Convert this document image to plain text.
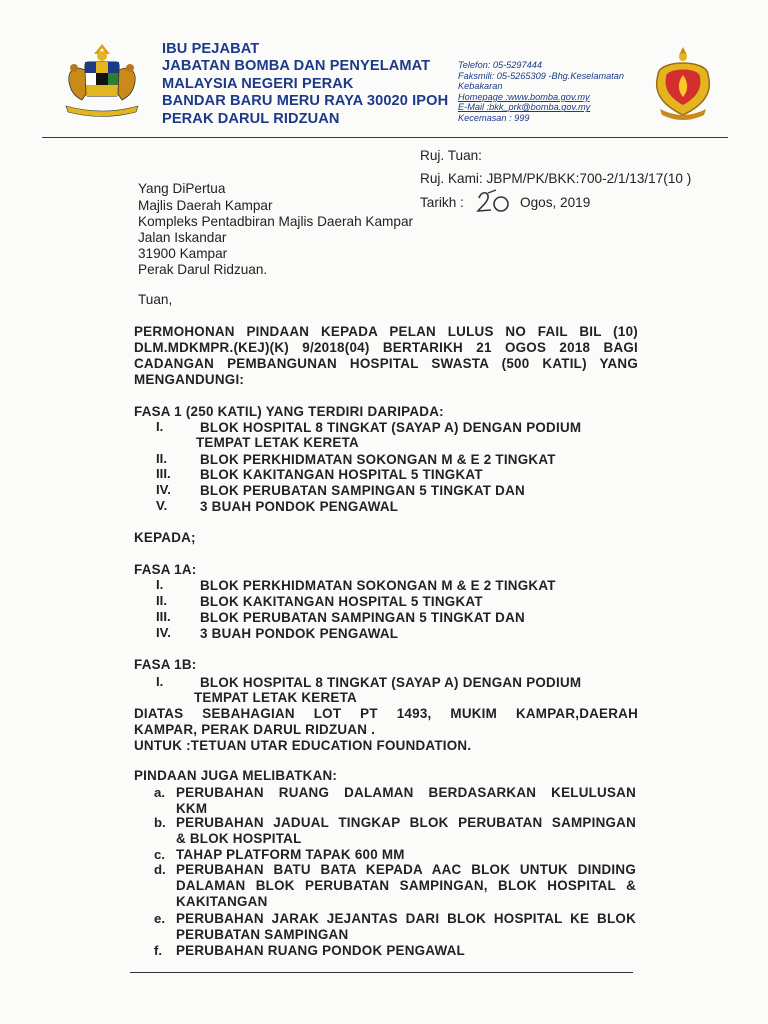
IBU PEJABAT
JABATAN BOMBA DAN PENYELAMAT
MALAYSIA NEGERI PERAK
BANDAR BARU MERU RAYA 30020 IPOH
PERAK DARUL RIDZUAN
Telefon: 05-5297444
Faksmili: 05-5265309 -Bhg.Keselamatan
Kebakaran
Homepage :www.bomba.gov.my
E-Mail :bkk_prk@bomba.gov.my
Kecemasan : 999
Ruj. Tuan:
Ruj. Kami: JBPM/PK/BKK:700-2/1/13/17(10 )
Tarikh :	Ogos, 2019
Yang DiPertua
Majlis Daerah Kampar
Kompleks Pentadbiran Majlis Daerah Kampar
Jalan Iskandar
31900 Kampar
Perak Darul Ridzuan.
Tuan,
PERMOHONAN PINDAAN KEPADA PELAN LULUS NO FAIL BIL (10)
DLM.MDKMPR.(KEJ)(K) 9/2018(04) BERTARIKH 21 OGOS 2018 BAGI
CADANGAN PEMBANGUNAN HOSPITAL SWASTA (500 KATIL) YANG
MENGANDUNGI:
FASA 1 (250 KATIL) YANG TERDIRI DARIPADA:
I.	BLOK HOSPITAL 8 TINGKAT (SAYAP A) DENGAN PODIUM
TEMPAT LETAK KERETA
II. BLOK PERKHIDMATAN SOKONGAN M & E 2 TINGKAT
III. BLOK KAKITANGAN HOSPITAL 5 TINGKAT
IV. BLOK PERUBATAN SAMPINGAN 5 TINGKAT DAN
V. 3 BUAH PONDOK PENGAWAL
KEPADA;
FASA 1A:
I.	BLOK PERKHIDMATAN SOKONGAN M & E 2 TINGKAT
II. BLOK KAKITANGAN HOSPITAL 5 TINGKAT
III. BLOK PERUBATAN SAMPINGAN 5 TINGKAT DAN
IV. 3 BUAH PONDOK PENGAWAL
FASA 1B:
I.	BLOK HOSPITAL 8 TINGKAT (SAYAP A) DENGAN PODIUM
TEMPAT LETAK KERETA
DIATAS SEBAHAGIAN LOT PT 1493, MUKIM KAMPAR,DAERAH
KAMPAR, PERAK DARUL RIDZUAN .
UNTUK :TETUAN UTAR EDUCATION FOUNDATION.
PINDAAN JUGA MELIBATKAN:
a. PERUBAHAN RUANG DALAMAN BERDASARKAN KELULUSAN
KKM
b. PERUBAHAN JADUAL TINGKAP BLOK PERUBATAN SAMPINGAN
& BLOK HOSPITAL
c. TAHAP PLATFORM TAPAK 600 MM
d. PERUBAHAN BATU BATA KEPADA AAC BLOK UNTUK DINDING
DALAMAN BLOK PERUBATAN SAMPINGAN, BLOK HOSPITAL &
KAKITANGAN
e. PERUBAHAN JARAK JEJANTAS DARI BLOK HOSPITAL KE BLOK
PERUBATAN SAMPINGAN
f. PERUBAHAN RUANG PONDOK PENGAWAL
